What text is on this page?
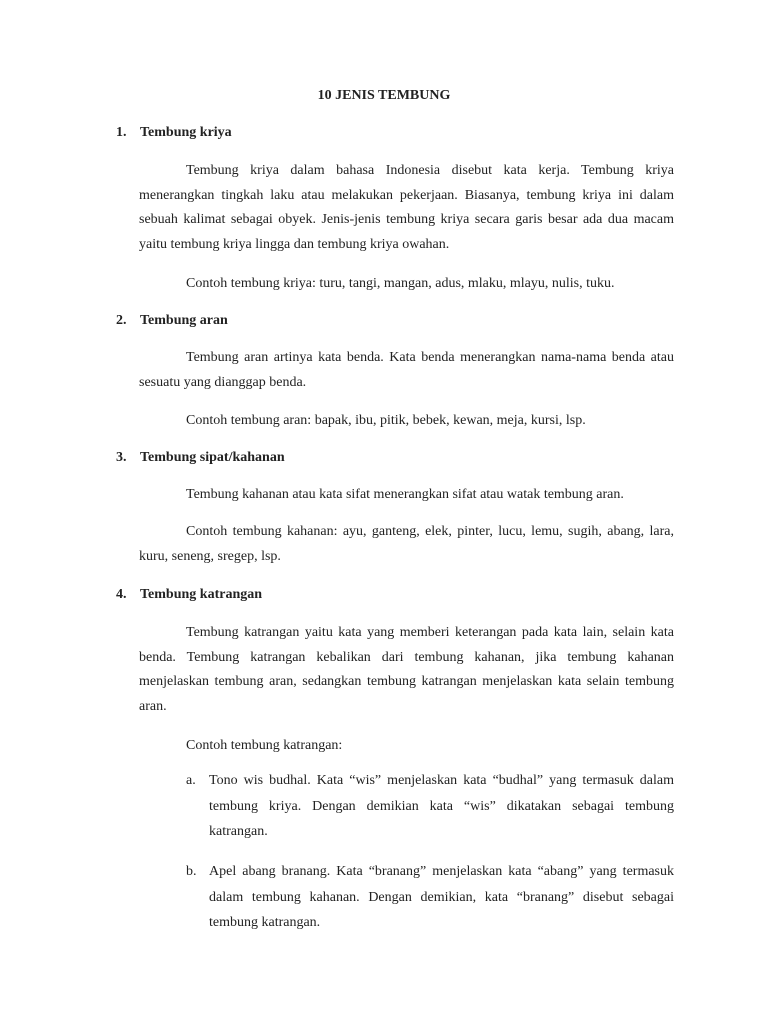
10 JENIS TEMBUNG
1. Tembung kriya
Tembung kriya dalam bahasa Indonesia disebut kata kerja. Tembung kriya menerangkan tingkah laku atau melakukan pekerjaan. Biasanya, tembung kriya ini dalam sebuah kalimat sebagai obyek. Jenis-jenis tembung kriya secara garis besar ada dua macam yaitu tembung kriya lingga dan tembung kriya owahan.
Contoh tembung kriya: turu, tangi, mangan, adus, mlaku, mlayu, nulis, tuku.
2. Tembung aran
Tembung aran artinya kata benda. Kata benda menerangkan nama-nama benda atau sesuatu yang dianggap benda.
Contoh tembung aran: bapak, ibu, pitik, bebek, kewan, meja, kursi, lsp.
3. Tembung sipat/kahanan
Tembung kahanan atau kata sifat menerangkan sifat atau watak tembung aran.
Contoh tembung kahanan: ayu, ganteng, elek, pinter, lucu, lemu, sugih, abang, lara, kuru, seneng, sregep, lsp.
4. Tembung katrangan
Tembung katrangan yaitu kata yang memberi keterangan pada kata lain, selain kata benda. Tembung katrangan kebalikan dari tembung kahanan, jika tembung kahanan menjelaskan tembung aran, sedangkan tembung katrangan menjelaskan kata selain tembung aran.
Contoh tembung katrangan:
a. Tono wis budhal. Kata “wis” menjelaskan kata “budhal” yang termasuk dalam tembung kriya. Dengan demikian kata “wis” dikatakan sebagai tembung katrangan.
b. Apel abang branang. Kata “branang” menjelaskan kata “abang” yang termasuk dalam tembung kahanan. Dengan demikian, kata “branang” disebut sebagai tembung katrangan.
